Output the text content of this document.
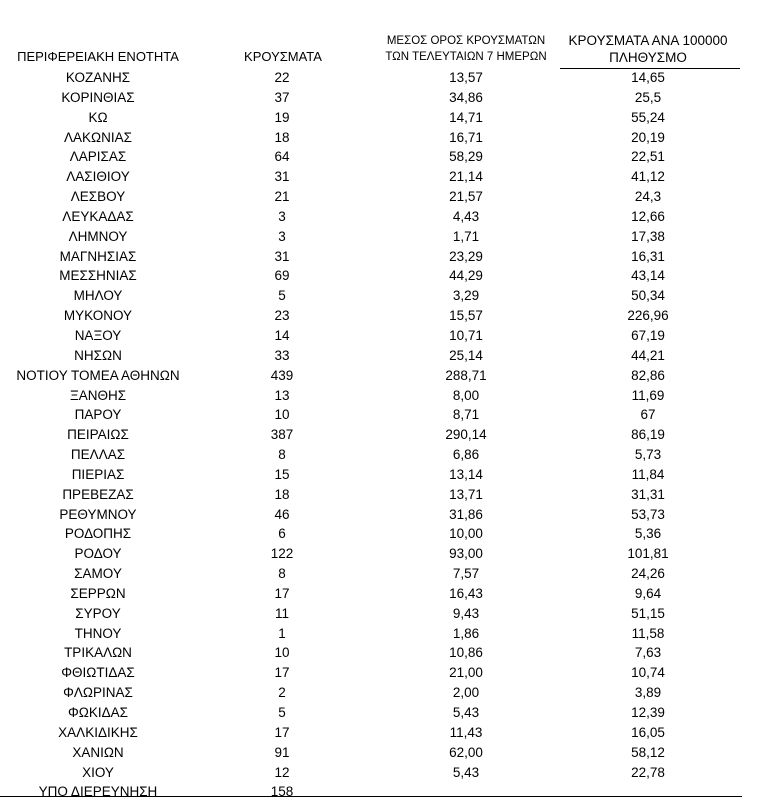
ΠΕΡΙΦΕΡΕΙΑΚΗ ΕΝΟΤΗΤΑ	ΚΡΟΥΣΜΑΤΑ
ΜΕΣΟΣ ΟΡΟΣ ΚΡΟΥΣΜΑΤΩΝ
ΤΩΝ ΤΕΛΕΥΤΑΙΩΝ 7 ΗΜΕΡΩΝ
ΚΡΟΥΣΜΑΤΑ ΑΝΑ 100000
ΠΛΗΘΥΣΜΟ
ΚΟΖΑΝΗΣ	22	13,57	14,65
ΚΟΡΙΝΘΙΑΣ	37	34,86	25,5
ΚΩ	19	14,71	55,24
ΛΑΚΩΝΙΑΣ	18	16,71	20,19
ΛΑΡΙΣΑΣ	64	58,29	22,51
ΛΑΣΙΘΙΟΥ	31	21,14	41,12
ΛΕΣΒΟΥ	21	21,57	24,3
ΛΕΥΚΑΔΑΣ	3	4,43	12,66
ΛΗΜΝΟΥ	3	1,71	17,38
ΜΑΓΝΗΣΙΑΣ	31	23,29	16,31
ΜΕΣΣΗΝΙΑΣ	69	44,29	43,14
ΜΗΛΟΥ	5	3,29	50,34
ΜΥΚΟΝΟΥ	23	15,57	226,96
ΝΑΞΟΥ	14	10,71	67,19
ΝΗΣΩΝ	33	25,14	44,21
ΝΟΤΙΟΥ ΤΟΜΕΑ ΑΘΗΝΩΝ	439	288,71	82,86
ΞΑΝΘΗΣ	13	8,00	11,69
ΠΑΡΟΥ	10	8,71	67
ΠΕΙΡΑΙΩΣ	387	290,14	86,19
ΠΕΛΛΑΣ	8	6,86	5,73
ΠΙΕΡΙΑΣ	15	13,14	11,84
ΠΡΕΒΕΖΑΣ	18	13,71	31,31
ΡΕΘΥΜΝΟΥ	46	31,86	53,73
ΡΟΔΟΠΗΣ	6	10,00	5,36
ΡΟΔΟΥ	122	93,00	101,81
ΣΑΜΟΥ	8	7,57	24,26
ΣΕΡΡΩΝ	17	16,43	9,64
ΣΥΡΟΥ	11	9,43	51,15
ΤΗΝΟΥ	1	1,86	11,58
ΤΡΙΚΑΛΩΝ	10	10,86	7,63
ΦΘΙΩΤΙΔΑΣ	17	21,00	10,74
ΦΛΩΡΙΝΑΣ	2	2,00	3,89
ΦΩΚΙΔΑΣ	5	5,43	12,39
ΧΑΛΚΙΔΙΚΗΣ	17	11,43	16,05
ΧΑΝΙΩΝ	91	62,00	58,12
ΧΙΟΥ	12	5,43	22,78
ΥΠΟ ΔΙΕΡΕΥΝΗΣΗ	158
